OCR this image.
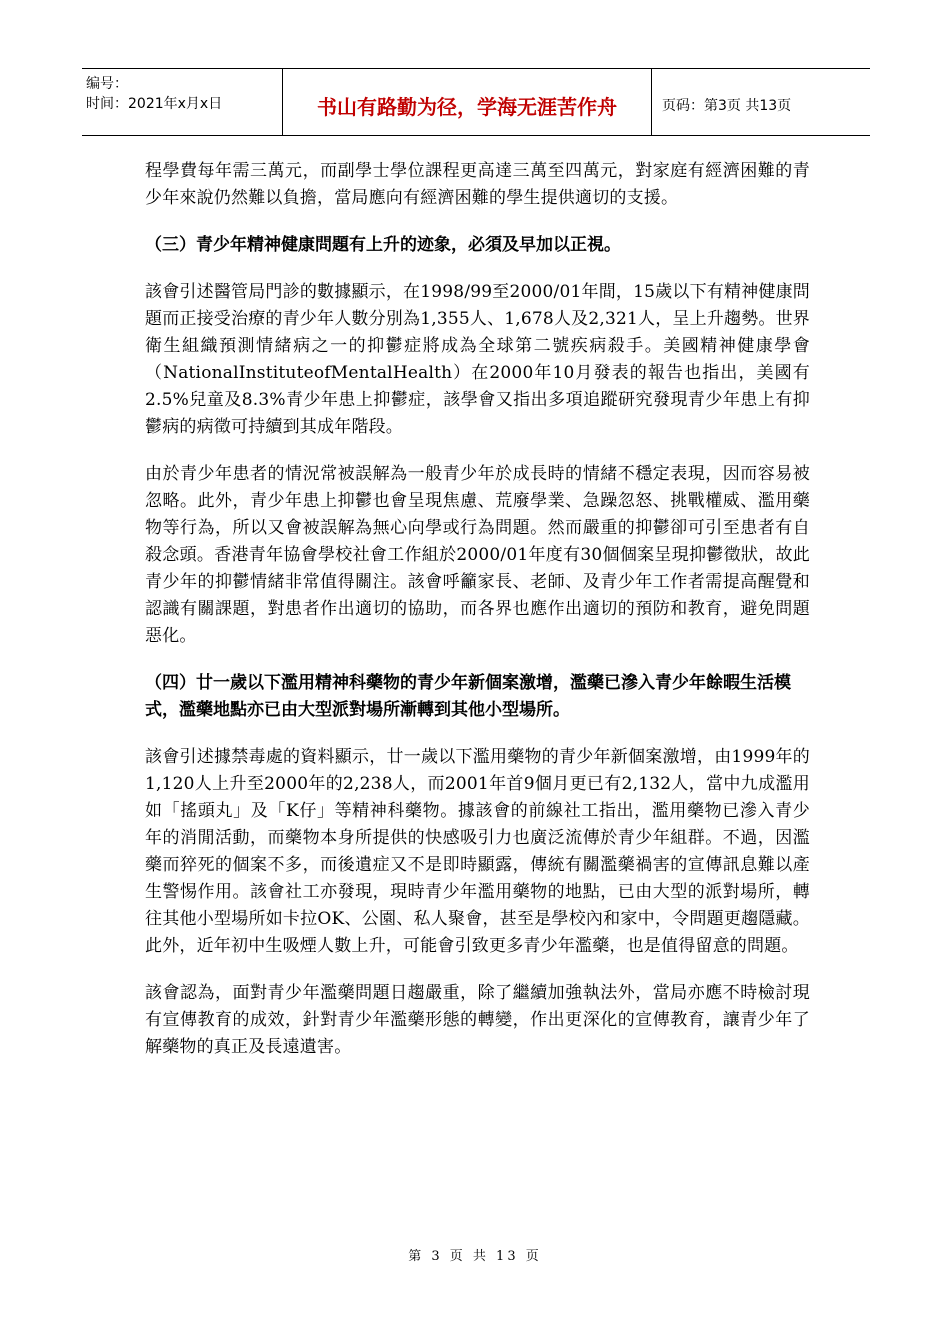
编号：
时间：2021年x月x日	书山有路勤为径，学海无涯苦作舟	页码：第3页 共13页

程學費每年需三萬元，而副學士學位課程更高達三萬至四萬元，對家庭有經濟困難的青少年來說仍然難以負擔，當局應向有經濟困難的學生提供適切的支援。

（三）青少年精神健康問題有上升的迹象，必須及早加以正視。

該會引述醫管局門診的數據顯示，在1998/99至2000/01年間，15歲以下有精神健康問題而正接受治療的青少年人數分別為1,355人、1,678人及2,321人，呈上升趨勢。世界衛生組織預測情緒病之一的抑鬱症將成為全球第二號疾病殺手。美國精神健康學會（NationalInstituteofMentalHealth）在2000年10月發表的報告也指出，美國有2.5%兒童及8.3%青少年患上抑鬱症，該學會又指出多項追蹤研究發現青少年患上有抑鬱病的病徵可持續到其成年階段。

由於青少年患者的情況常被誤解為一般青少年於成長時的情緒不穩定表現，因而容易被忽略。此外，青少年患上抑鬱也會呈現焦慮、荒廢學業、急躁忽怒、挑戰權威、濫用藥物等行為，所以又會被誤解為無心向學或行為問題。然而嚴重的抑鬱卻可引至患者有自殺念頭。香港青年協會學校社會工作組於2000/01年度有30個個案呈現抑鬱徵狀，故此青少年的抑鬱情緒非常值得關注。該會呼籲家長、老師、及青少年工作者需提高醒覺和認識有關課題，對患者作出適切的協助，而各界也應作出適切的預防和教育，避免問題惡化。

（四）廿一歲以下濫用精神科藥物的青少年新個案激增，濫藥已滲入青少年餘暇生活模式，濫藥地點亦已由大型派對場所漸轉到其他小型場所。

該會引述據禁毒處的資料顯示，廿一歲以下濫用藥物的青少年新個案激增，由1999年的1,120人上升至2000年的2,238人，而2001年首9個月更已有2,132人，當中九成濫用如「搖頭丸」及「K仔」等精神科藥物。據該會的前線社工指出，濫用藥物已滲入青少年的消閒活動，而藥物本身所提供的快感吸引力也廣泛流傳於青少年組群。不過，因濫藥而猝死的個案不多，而後遺症又不是即時顯露，傳統有關濫藥禍害的宣傳訊息難以產生警惕作用。該會社工亦發現，現時青少年濫用藥物的地點，已由大型的派對場所，轉往其他小型場所如卡拉OK、公園、私人聚會，甚至是學校內和家中，令問題更趨隱藏。此外，近年初中生吸煙人數上升，可能會引致更多青少年濫藥，也是值得留意的問題。

該會認為，面對青少年濫藥問題日趨嚴重，除了繼續加強執法外，當局亦應不時檢討現有宣傳教育的成效，針對青少年濫藥形態的轉變，作出更深化的宣傳教育，讓青少年了解藥物的真正及長遠遺害。

第 3 页 共 13 页
